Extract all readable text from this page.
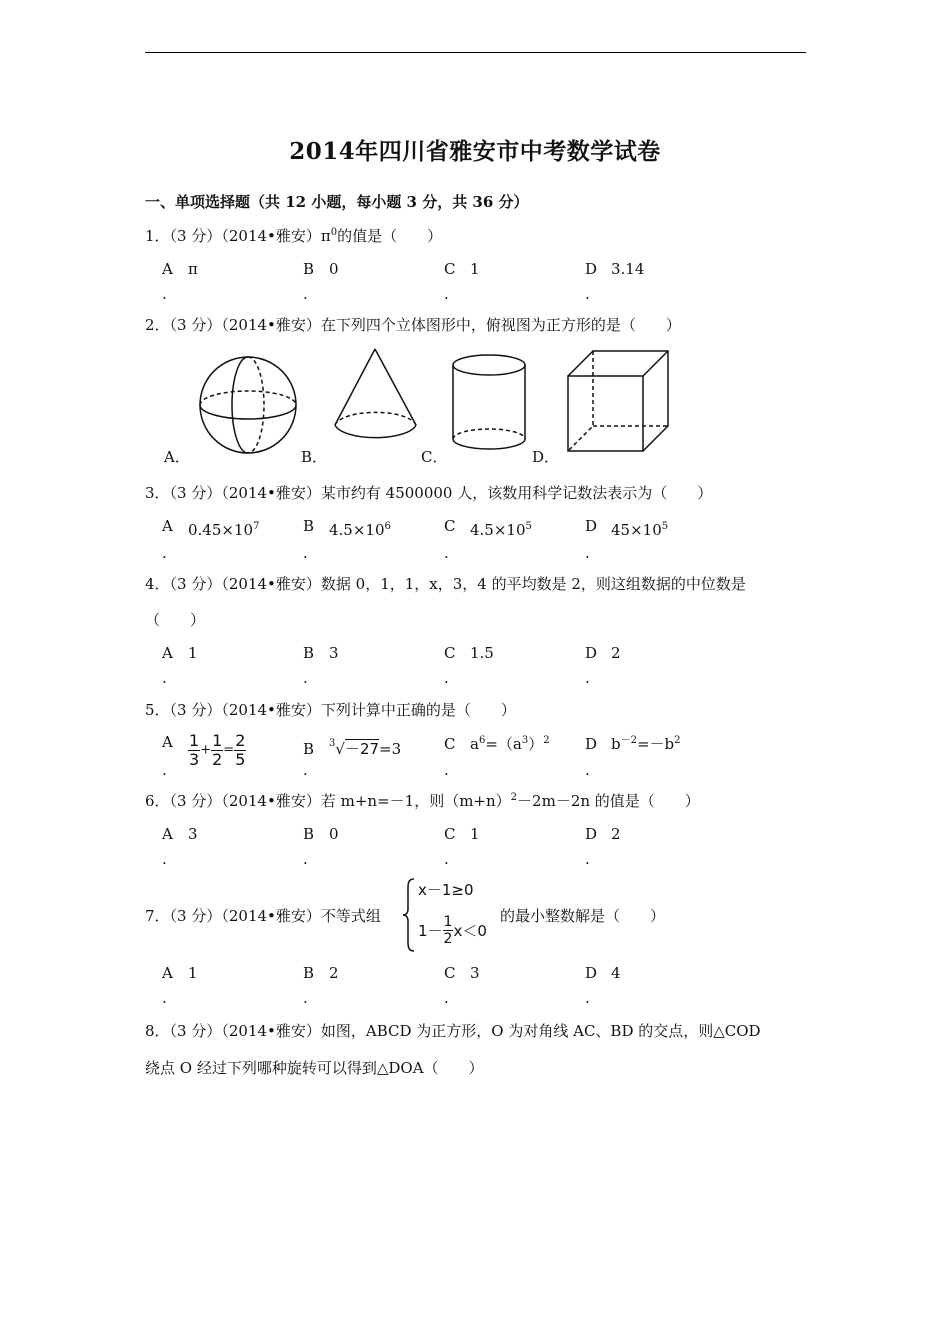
2014年四川省雅安市中考数学试卷
一、单项选择题（共 12 小题，每小题 3 分，共 36 分）
1．（3 分）（2014•雅安）$\pi^0$的值是（　　）
A π	B 0	C 1	D 3.14
.	.	.	.
2．（3 分）（2014•雅安）在下列四个立体图形中，俯视图为正方形的是（　　）
A．	B．	C．	D．
3．（3 分）（2014•雅安）某市约有 4500000 人，该数用科学记数法表示为（　　）
A $0.45\times 10^7$	B $4.5\times 10^6$	C $4.5\times 10^5$	D $45\times 10^5$
.	.	.	.
4．（3 分）（2014•雅安）数据 0，1，1，x，3，4 的平均数是 2，则这组数据的中位数是
（　　）
A 1	B 3	C 1.5	D 2
.	.	.	.
5．（3 分）（2014•雅安）下列计算中正确的是（　　）
A $\frac{1}{3} + \frac{1}{2} = \frac{2}{5}$	B $^3$√－27=3	C $a^6=(a^3)^2$ D $b^{-2}=-b^2$
.	.	.	.
6．（3 分）（2014•雅安）若 m+n=－1，则$(m+n)^2-2m-2n$ 的值是（　　）
A 3	B 0	C 1	D 2
.	.	.	.
7．（3 分）（2014•雅安）不等式组
x－1≥0
$1- \frac{1}{2} x<0$
的最小整数解是（　　）
A 1	B 2	C 3	D 4
.	.	.	.
8．（3 分）（2014•雅安）如图，ABCD 为正方形，O 为对角线 AC、BD 的交点，则△COD
绕点 O 经过下列哪种旋转可以得到△DOA（　　）
